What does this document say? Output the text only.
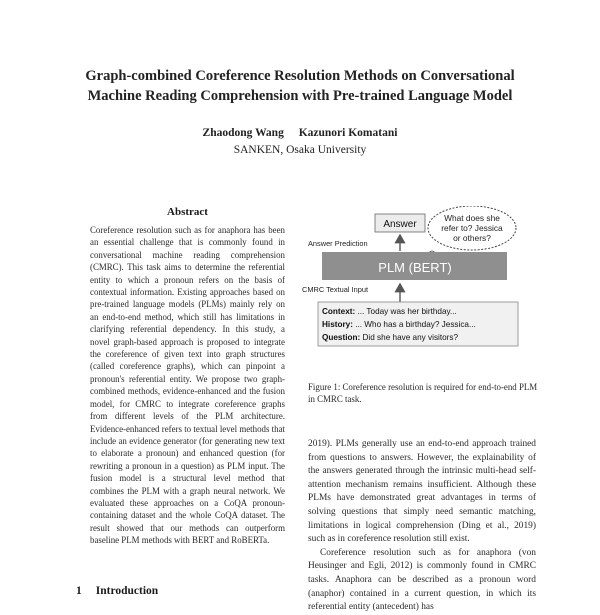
Graph-combined Coreference Resolution Methods on Conversational
Machine Reading Comprehension with Pre-trained Language Model
Zhaodong Wang Kazunori Komatani
SANKEN, Osaka University
Abstract
Coreference resolution such as for anaphora has been an essential challenge that is commonly found in conversational machine reading comprehension (CMRC). This task aims to determine the referential entity to which a pronoun refers on the basis of contextual information. Existing approaches based on pre-trained language models (PLMs) mainly rely on an end-to-end method, which still has limitations in clarifying referential dependency. In this study, a novel graph-based approach is proposed to integrate the coreference of given text into graph structures (called coreference graphs), which can pinpoint a pronoun's referential entity. We propose two graph-combined methods, evidence-enhanced and the fusion model, for CMRC to integrate coreference graphs from different levels of the PLM architecture. Evidence-enhanced refers to textual level methods that include an evidence generator (for generating new text to elaborate a pronoun) and enhanced question (for rewriting a pronoun in a question) as PLM input. The fusion model is a structural level method that combines the PLM with a graph neural network. We evaluated these approaches on a CoQA pronoun-containing dataset and the whole CoQA dataset. The result showed that our methods can outperform baseline PLM methods with BERT and RoBERTa.
1 Introduction
What does she
refer to? Jessica
or others?
Answer
Answer Prediction
PLM (BERT)
CMRC Textual Input
Context: ... Today was her birthday...
History: ... Who has a birthday? Jessica...
Question: Did she have any visitors?
Figure 1: Coreference resolution is required for end-to-end PLM in CMRC task.

2019). PLMs generally use an end-to-end approach trained from questions to answers. However, the explainability of the answers generated through the intrinsic multi-head self-attention mechanism remains insufficient. Although these PLMs have demonstrated great advantages in terms of solving questions that simply need semantic matching, limitations in logical comprehension (Ding et al., 2019) such as in coreference resolution still exist.

Coreference resolution such as for anaphora (von Heusinger and Egli, 2012) is commonly found in CMRC tasks. Anaphora can be described as a pronoun word (anaphor) contained in a current question, in which its referential entity (antecedent) has
